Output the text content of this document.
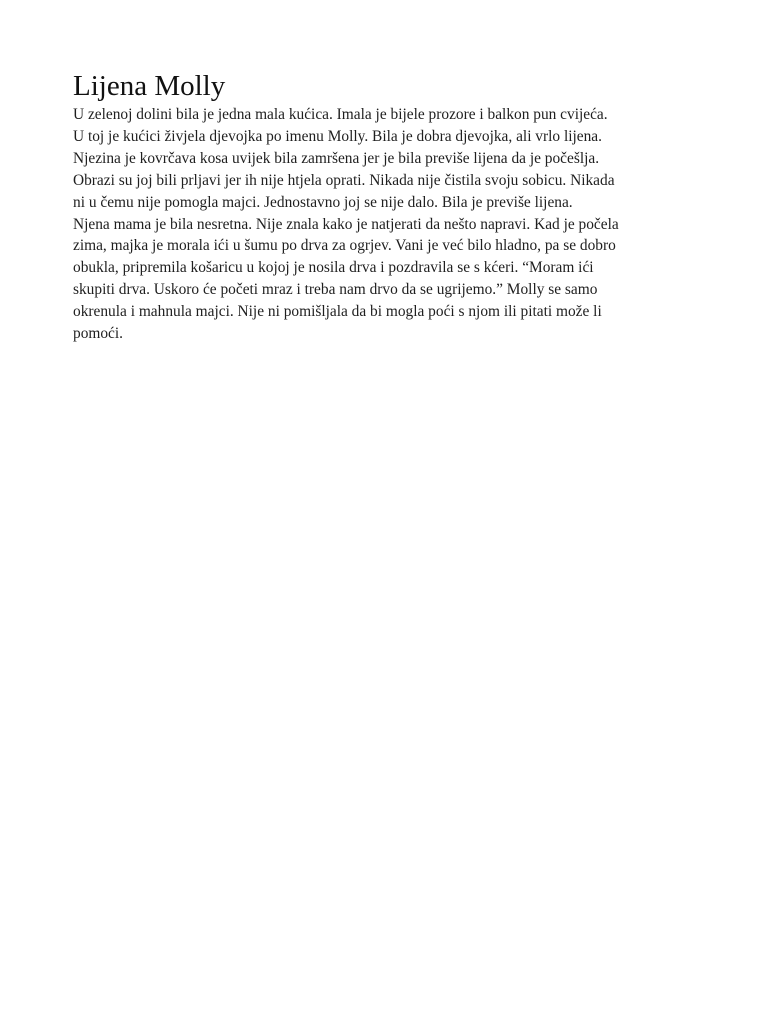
Lijena Molly

U zelenoj dolini bila je jedna mala kućica. Imala je bijele prozore i balkon pun cvijeća.
U toj je kućici živjela djevojka po imenu Molly. Bila je dobra djevojka, ali vrlo lijena.
Njezina je kovrčava kosa uvijek bila zamršena jer je bila previše lijena da je počešlja.
Obrazi su joj bili prljavi jer ih nije htjela oprati. Nikada nije čistila svoju sobicu. Nikada
ni u čemu nije pomogla majci. Jednostavno joj se nije dalo. Bila je previše lijena.

Njena mama je bila nesretna. Nije znala kako je natjerati da nešto napravi. Kad je počela
zima, majka je morala ići u šumu po drva za ogrjev. Vani je već bilo hladno, pa se dobro
obukla, pripremila košaricu u kojoj je nosila drva i pozdravila se s kćeri. “Moram ići
skupiti drva. Uskoro će početi mraz i treba nam drvo da se ugrijemo.” Molly se samo
okrenula i mahnula majci. Nije ni pomišljala da bi mogla poći s njom ili pitati može li
pomoći.
